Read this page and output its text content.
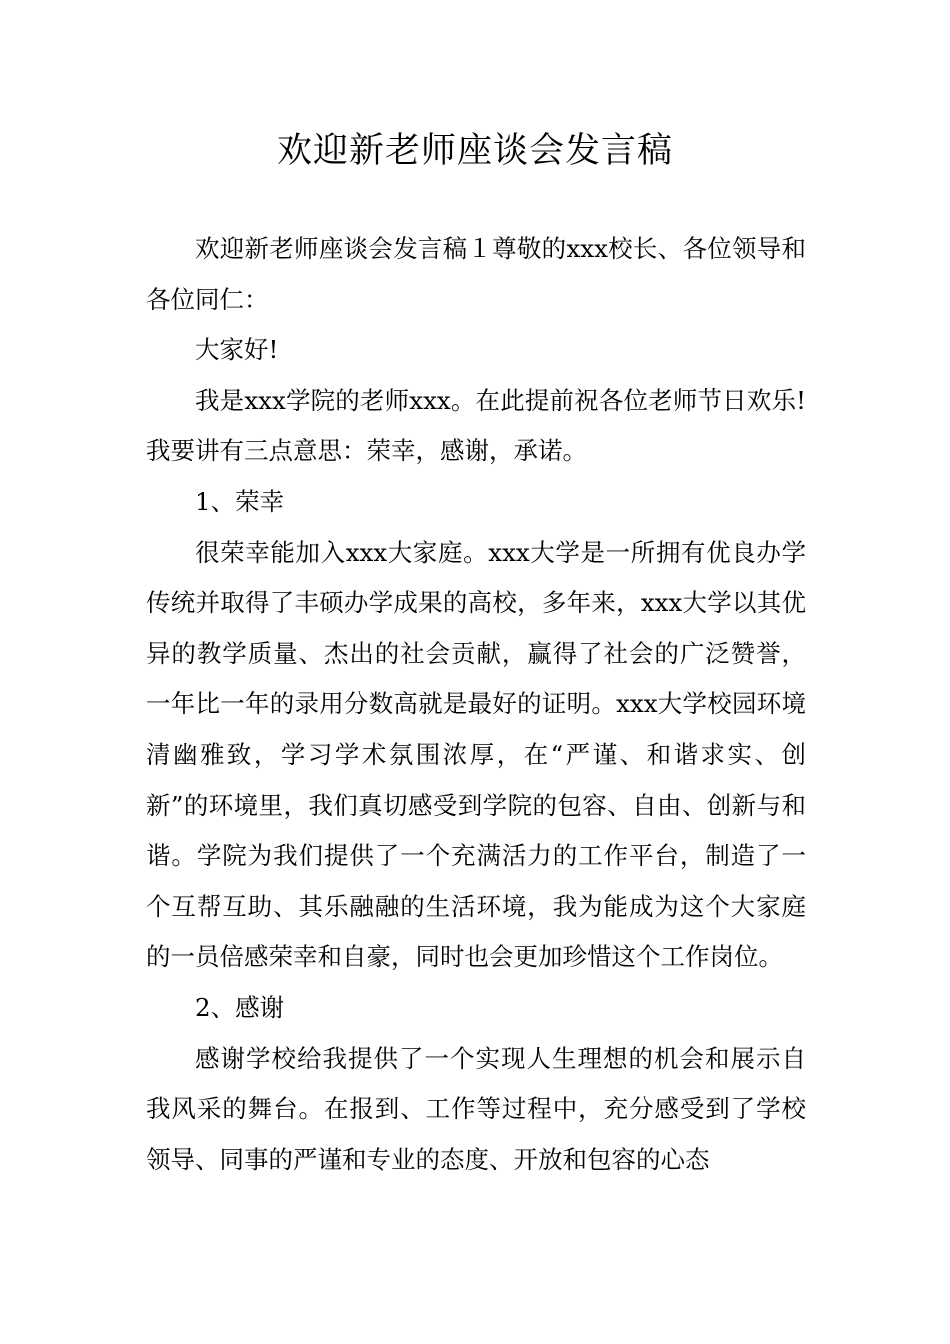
欢迎新老师座谈会发言稿

欢迎新老师座谈会发言稿１尊敬的xxx校长、各位领导和各位同仁：

大家好!

我是xxx学院的老师xxx。在此提前祝各位老师节日欢乐!我要讲有三点意思：荣幸，感谢，承诺。

1、荣幸

很荣幸能加入xxx大家庭。xxx大学是一所拥有优良办学传统并取得了丰硕办学成果的高校，多年来，xxx大学以其优异的教学质量、杰出的社会贡献，赢得了社会的广泛赞誉，一年比一年的录用分数高就是最好的证明。xxx大学校园环境清幽雅致，学习学术氛围浓厚，在“严谨、和谐求实、创新”的环境里，我们真切感受到学院的包容、自由、创新与和谐。学院为我们提供了一个充满活力的工作平台，制造了一个互帮互助、其乐融融的生活环境，我为能成为这个大家庭的一员倍感荣幸和自豪，同时也会更加珍惜这个工作岗位。

2、感谢

感谢学校给我提供了一个实现人生理想的机会和展示自我风采的舞台。在报到、工作等过程中，充分感受到了学校领导、同事的严谨和专业的态度、开放和包容的心态
